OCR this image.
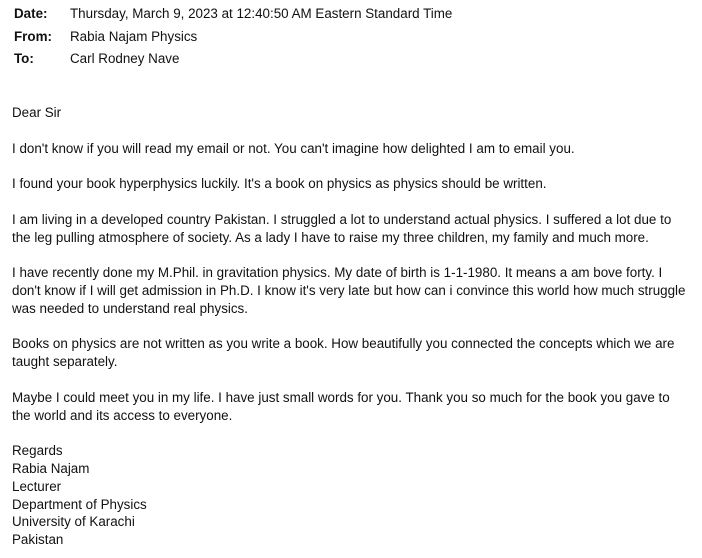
Date: Thursday, March 9, 2023 at 12:40:50 AM Eastern Standard Time
From: Rabia Najam Physics
To:	Carl Rodney Nave

Dear Sir

I don't know if you will read my email or not. You can't imagine how delighted I am to email you.

I found your book hyperphysics luckily. It's a book on physics as physics should be written.

I am living in a developed country Pakistan. I struggled a lot to understand actual physics. I suffered a lot due to the leg pulling atmosphere of society. As a lady I have to raise my three children, my family and much more.

I have recently done my M.Phil. in gravitation physics. My date of birth is 1-1-1980. It means a am bove forty. I don't know if I will get admission in Ph.D. I know it's very late but how can i convince this world how much struggle was needed to understand real physics.

Books on physics are not written as you write a book. How beautifully you connected the concepts which we are taught separately.

Maybe I could meet you in my life. I have just small words for you. Thank you so much for the book you gave to the world and its access to everyone.

Regards

Rabia Najam

Lecturer

Department of Physics

University of Karachi

Pakistan
